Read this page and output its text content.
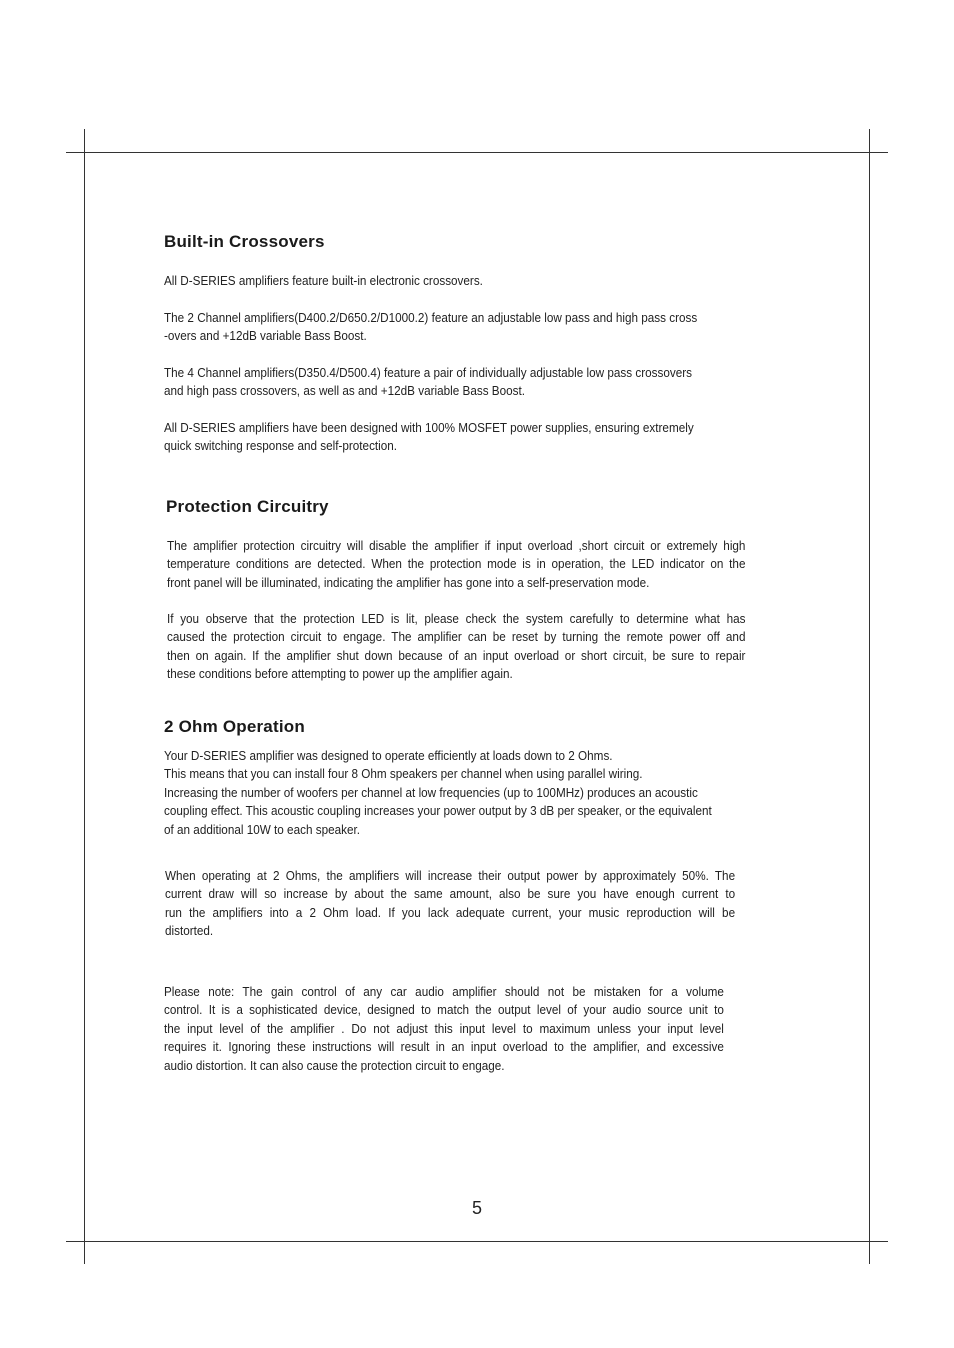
Built-in Crossovers
All D-SERIES amplifiers feature built-in electronic crossovers.
The 2 Channel amplifiers(D400.2/D650.2/D1000.2) feature an adjustable low pass and high pass cross
-overs and +12dB variable Bass Boost.
The 4 Channel amplifiers(D350.4/D500.4) feature a pair of individually adjustable low pass crossovers
and high pass crossovers, as well as and +12dB variable Bass Boost.
All D-SERIES amplifiers have been designed with 100% MOSFET power supplies, ensuring extremely
quick switching response and self-protection.
Protection Circuitry
The amplifier protection circuitry will disable the amplifier if input overload ,short circuit or extremely high
temperature conditions are detected. When the protection mode is in operation, the LED indicator on the
front panel will be illuminated, indicating the amplifier has gone into a self-preservation mode.
If you observe that the protection LED is lit, please check the system carefully to determine what has
caused the protection circuit to engage. The amplifier can be reset by turning the remote power off and
then on again. If the amplifier shut down because of an input overload or short circuit, be sure to repair
these conditions before attempting to power up the amplifier again.
2 Ohm Operation
Your D-SERIES amplifier was designed to operate efficiently at loads down to 2 Ohms.
This means that you can install four 8 Ohm speakers per channel when using parallel wiring.
Increasing the number of woofers per channel at low frequencies (up to 100MHz) produces an acoustic
coupling effect. This acoustic coupling increases your power output by 3 dB per speaker, or the equivalent
of an additional 10W to each speaker.
When operating at 2 Ohms, the amplifiers will increase their output power by approximately 50%. The
current draw will so increase by about the same amount, also be sure you have enough current to
run the amplifiers into a 2 Ohm load. If you lack adequate current, your music reproduction will be
distorted.
Please note: The gain control of any car audio amplifier should not be mistaken for a volume
control. It is a sophisticated device, designed to match the output level of your audio source unit to
the input level of the amplifier . Do not adjust this input level to maximum unless your input level
requires it. Ignoring these instructions will result in an input overload to the amplifier, and excessive
audio distortion. It can also cause the protection circuit to engage.
5
